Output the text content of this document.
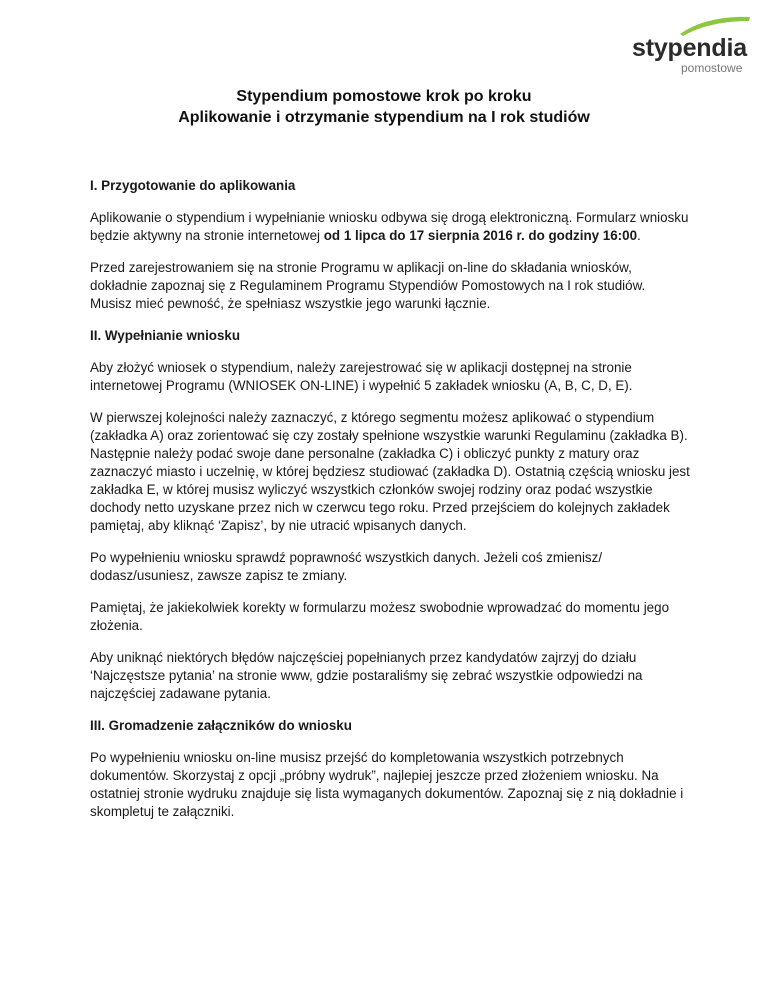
stypendia
pomostowe
Stypendium pomostowe krok po kroku
Aplikowanie i otrzymanie stypendium na I rok studiów
I. Przygotowanie do aplikowania

Aplikowanie o stypendium i wypełnianie wniosku odbywa się drogą elektroniczną. Formularz wniosku będzie aktywny na stronie internetowej od 1 lipca do 17 sierpnia 2016 r. do godziny 16:00.

Przed zarejestrowaniem się na stronie Programu w aplikacji on-line do składania wniosków, dokładnie zapoznaj się z Regulaminem Programu Stypendiów Pomostowych na I rok studiów. Musisz mieć pewność, że spełniasz wszystkie jego warunki łącznie.

II. Wypełnianie wniosku

Aby złożyć wniosek o stypendium, należy zarejestrować się w aplikacji dostępnej na stronie internetowej Programu (WNIOSEK ON-LINE) i wypełnić 5 zakładek wniosku (A, B, C, D, E).

W pierwszej kolejności należy zaznaczyć, z którego segmentu możesz aplikować o stypendium (zakładka A) oraz zorientować się czy zostały spełnione wszystkie warunki Regulaminu (zakładka B). Następnie należy podać swoje dane personalne (zakładka C) i obliczyć punkty z matury oraz zaznaczyć miasto i uczelnię, w której będziesz studiować (zakładka D). Ostatnią częścią wniosku jest zakładka E, w której musisz wyliczyć wszystkich członków swojej rodziny oraz podać wszystkie dochody netto uzyskane przez nich w czerwcu tego roku. Przed przejściem do kolejnych zakładek pamiętaj, aby kliknąć ‘Zapisz’, by nie utracić wpisanych danych.

Po wypełnieniu wniosku sprawdź poprawność wszystkich danych. Jeżeli coś zmienisz/ dodasz/usuniesz, zawsze zapisz te zmiany.

Pamiętaj, że jakiekolwiek korekty w formularzu możesz swobodnie wprowadzać do momentu jego złożenia.

Aby uniknąć niektórych błędów najczęściej popełnianych przez kandydatów zajrzyj do działu ‘Najczęstsze pytania’ na stronie www, gdzie postaraliśmy się zebrać wszystkie odpowiedzi na najczęściej zadawane pytania.

III. Gromadzenie załączników do wniosku

Po wypełnieniu wniosku on-line musisz przejść do kompletowania wszystkich potrzebnych dokumentów. Skorzystaj z opcji „próbny wydruk”, najlepiej jeszcze przed złożeniem wniosku. Na ostatniej stronie wydruku znajduje się lista wymaganych dokumentów. Zapoznaj się z nią dokładnie i skompletuj te załączniki.
